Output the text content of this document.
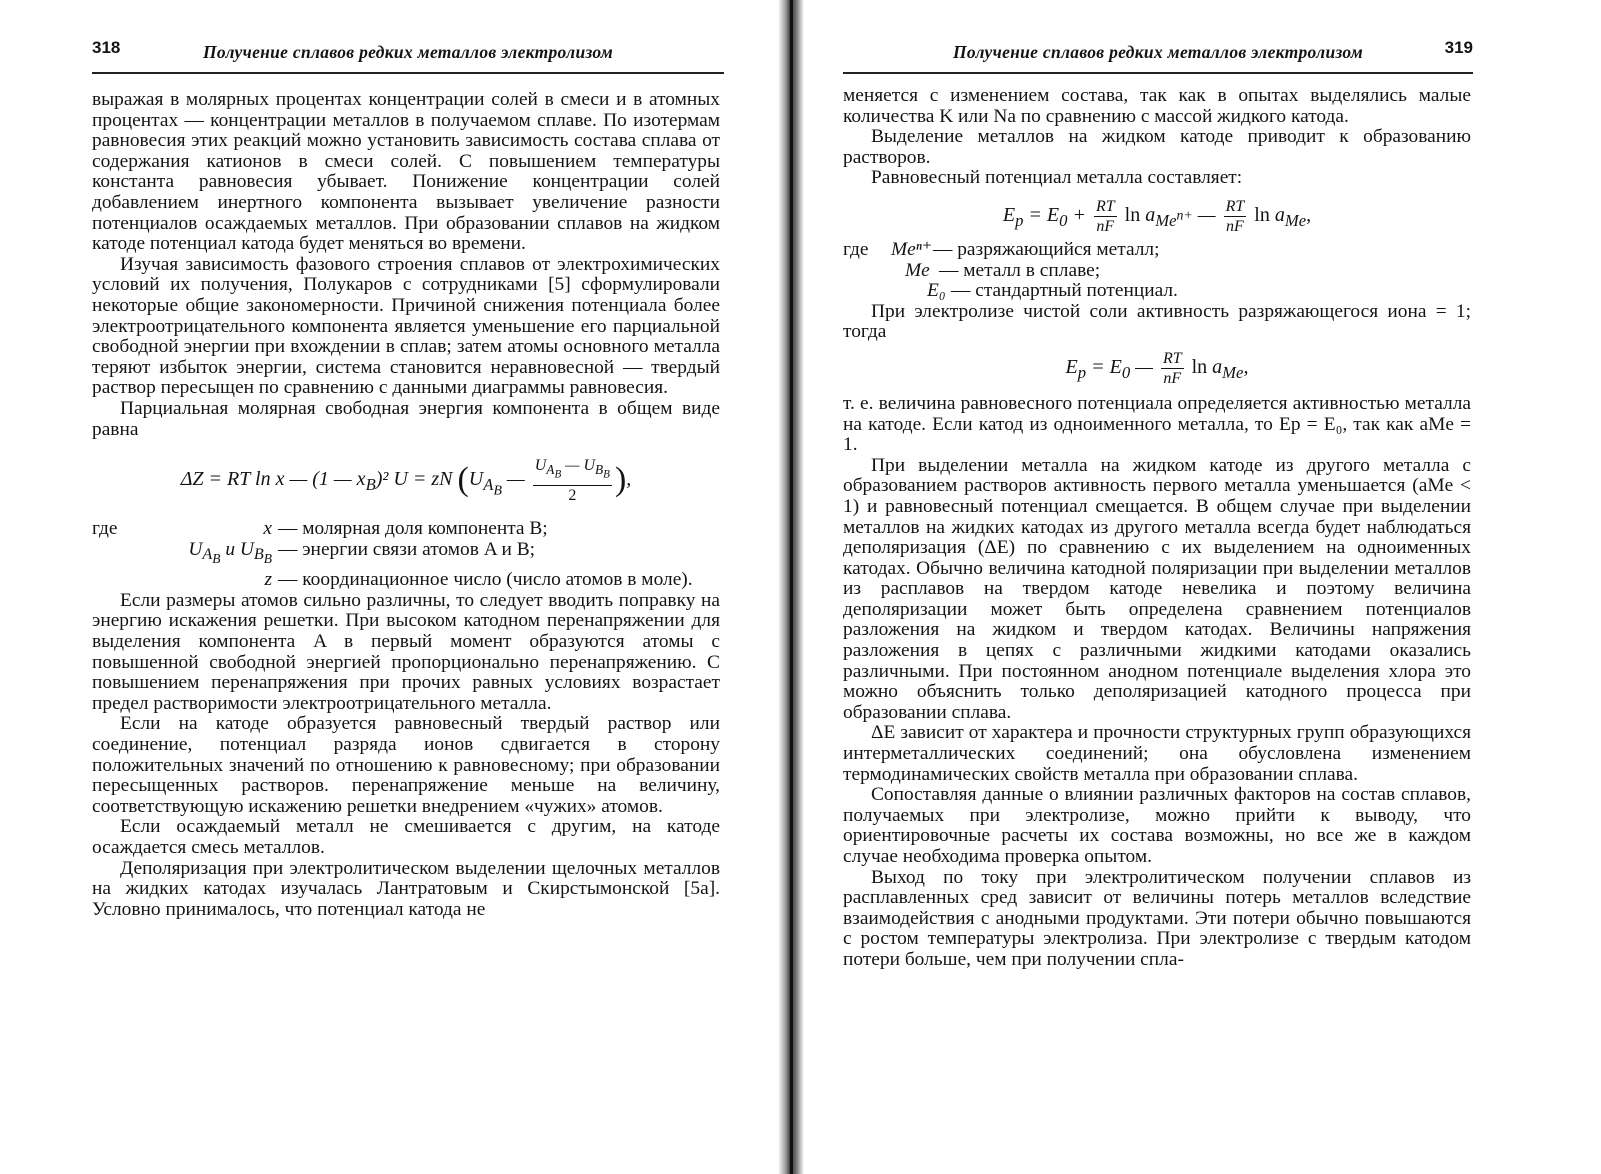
318	Получение сплавов редких металлов электролизом

выражая в молярных процентах концентрации солей в смеси и в атомных процентах — концентрации металлов в получаемом сплаве. По изотермам равновесия этих реакций можно установить зависимость состава сплава от содержания катионов в смеси солей. С повышением температуры константа равновесия убывает. Понижение концентрации солей добавлением инертного компонента вызывает увеличение разности потенциалов осаждаемых металлов. При образовании сплавов на жидком катоде потенциал катода будет меняться во времени.

Изучая зависимость фазового строения сплавов от электрохимических условий их получения, Полукаров с сотрудниками [5] сформулировали некоторые общие закономерности. Причиной снижения потенциала более электроотрицательного компонента является уменьшение его парциальной свободной энергии при вхождении в сплав; затем атомы основного металла теряют избыток энергии, система становится неравновесной — твердый раствор пересыщен по сравнению с данными диаграммы равновесия.

Парциальная молярная свободная энергия компонента в общем виде равна

ΔZ = RT ln x — (1 — $x_B)^2$ U = zN ($U_{A_B}$ — $\frac{U_{A_B} — U_{B_B}}{2}$ ),
где	x — молярная доля компонента B;
$U_{A_B}$ и $U_{B_B}$ — энергии связи атомов A и B;
z — координационное число (число атомов в моле).

Если размеры атомов сильно различны, то следует вводить поправку на энергию искажения решетки. При высоком катодном перенапряжении для выделения компонента A в первый момент образуются атомы с повышенной свободной энергией пропорционально перенапряжению. С повышением перенапряжения при прочих равных условиях возрастает предел растворимости электроотрицательного металла.

Если на катоде образуется равновесный твердый раствор или соединение, потенциал разряда ионов сдвигается в сторону положительных значений по отношению к равновесному; при образовании пересыщенных растворов. перенапряжение меньше на величину, соответствующую искажению решетки внедрением «чужих» атомов.

Если осаждаемый металл не смешивается с другим, на катоде осаждается смесь металлов.

Деполяризация при электролитическом выделении щелочных металлов на жидких катодах изучалась Лантратовым и Скирстымонской [5а]. Условно принималось, что потенциал катода не

Получение сплавов редких металлов электролизом	319

меняется с изменением состава, так как в опытах выделялись малые количества K или Na по сравнению с массой жидкого катода.

Выделение металлов на жидком катоде приводит к образованию растворов.

Равновесный потенциал металла составляет:

$E_p = E_0 + \frac{RT}{nF}$ $\ln a_{Me^{n+}}$ — $\frac{RT}{nF}$ $\ln a_{Me}$,
где	Meⁿ⁺ — разряжающийся металл;
Me — металл в сплаве;
E₀ — стандартный потенциал.

При электролизе чистой соли активность разряжающегося иона = 1; тогда

$E_p = E_0$ — $\frac{RT}{nF}$ $\ln a_{Me}$,

т. е. величина равновесного потенциала определяется активностью металла на катоде. Если катод из одноименного металла, то Eр = E₀, так как aMe = 1.

При выделении металла на жидком катоде из другого металла с образованием растворов активность первого металла уменьшается (aMe < 1) и равновесный потенциал смещается. В общем случае при выделении металлов на жидких катодах из другого металла всегда будет наблюдаться деполяризация (ΔE) по сравнению с их выделением на одноименных катодах. Обычно величина катодной поляризации при выделении металлов из расплавов на твердом катоде невелика и поэтому величина деполяризации может быть определена сравнением потенциалов разложения на жидком и твердом катодах. Величины напряжения разложения в цепях с различными жидкими катодами оказались различными. При постоянном анодном потенциале выделения хлора это можно объяснить только деполяризацией катодного процесса при образовании сплава.

ΔE зависит от характера и прочности структурных групп образующихся интерметаллических соединений; она обусловлена изменением термодинамических свойств металла при образовании сплава.

Сопоставляя данные о влиянии различных факторов на состав сплавов, получаемых при электролизе, можно прийти к выводу, что ориентировочные расчеты их состава возможны, но все же в каждом случае необходима проверка опытом.

Выход по току при электролитическом получении сплавов из расплавленных сред зависит от величины потерь металлов вследствие взаимодействия с анодными продуктами. Эти потери обычно повышаются с ростом температуры электролиза. При электролизе с твердым катодом потери больше, чем при получении спла-
